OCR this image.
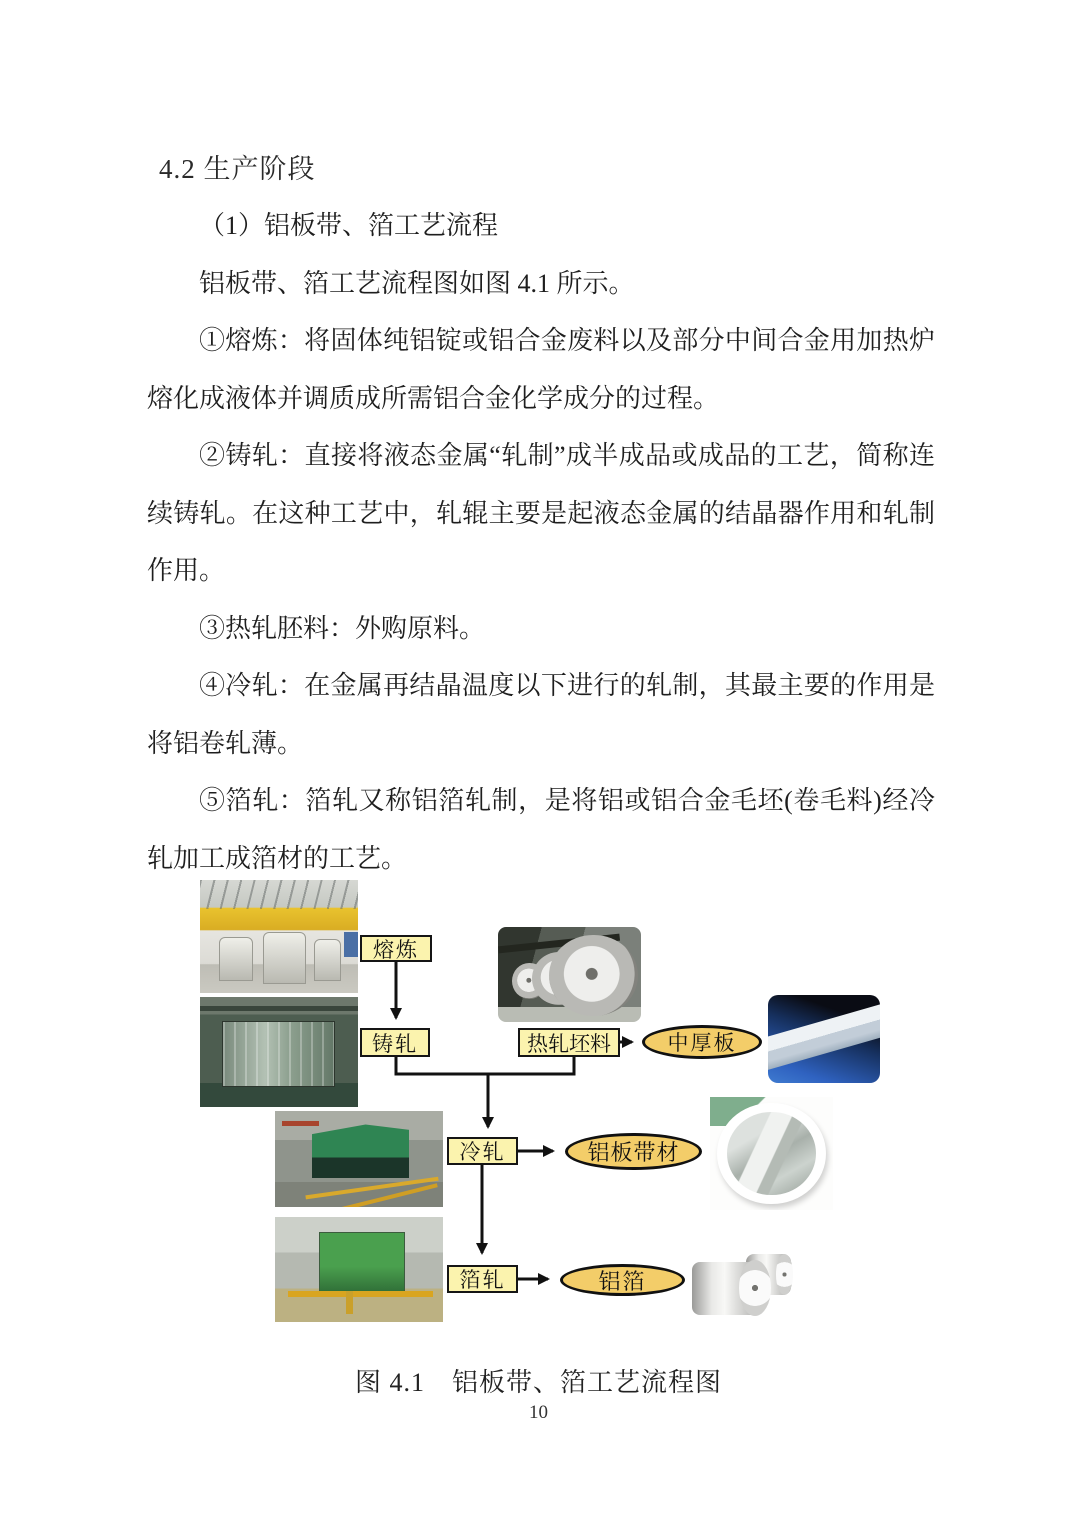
4.2 生产阶段

（1）铝板带、箔工艺流程

铝板带、箔工艺流程图如图 4.1 所示。

①熔炼：将固体纯铝锭或铝合金废料以及部分中间合金用加热炉熔化成液体并调质成所需铝合金化学成分的过程。

②铸轧：直接将液态金属“轧制”成半成品或成品的工艺，简称连续铸轧。在这种工艺中，轧辊主要是起液态金属的结晶器作用和轧制作用。

③热轧胚料：外购原料。

④冷轧：在金属再结晶温度以下进行的轧制，其最主要的作用是将铝卷轧薄。

⑤箔轧：箔轧又称铝箔轧制，是将铝或铝合金毛坯(卷毛料)经冷轧加工成箔材的工艺。

熔炼
铸轧	热轧坯料
冷轧
箔轧
中厚板
铝板带材
铝箔
图 4.1　铝板带、箔工艺流程图
10
